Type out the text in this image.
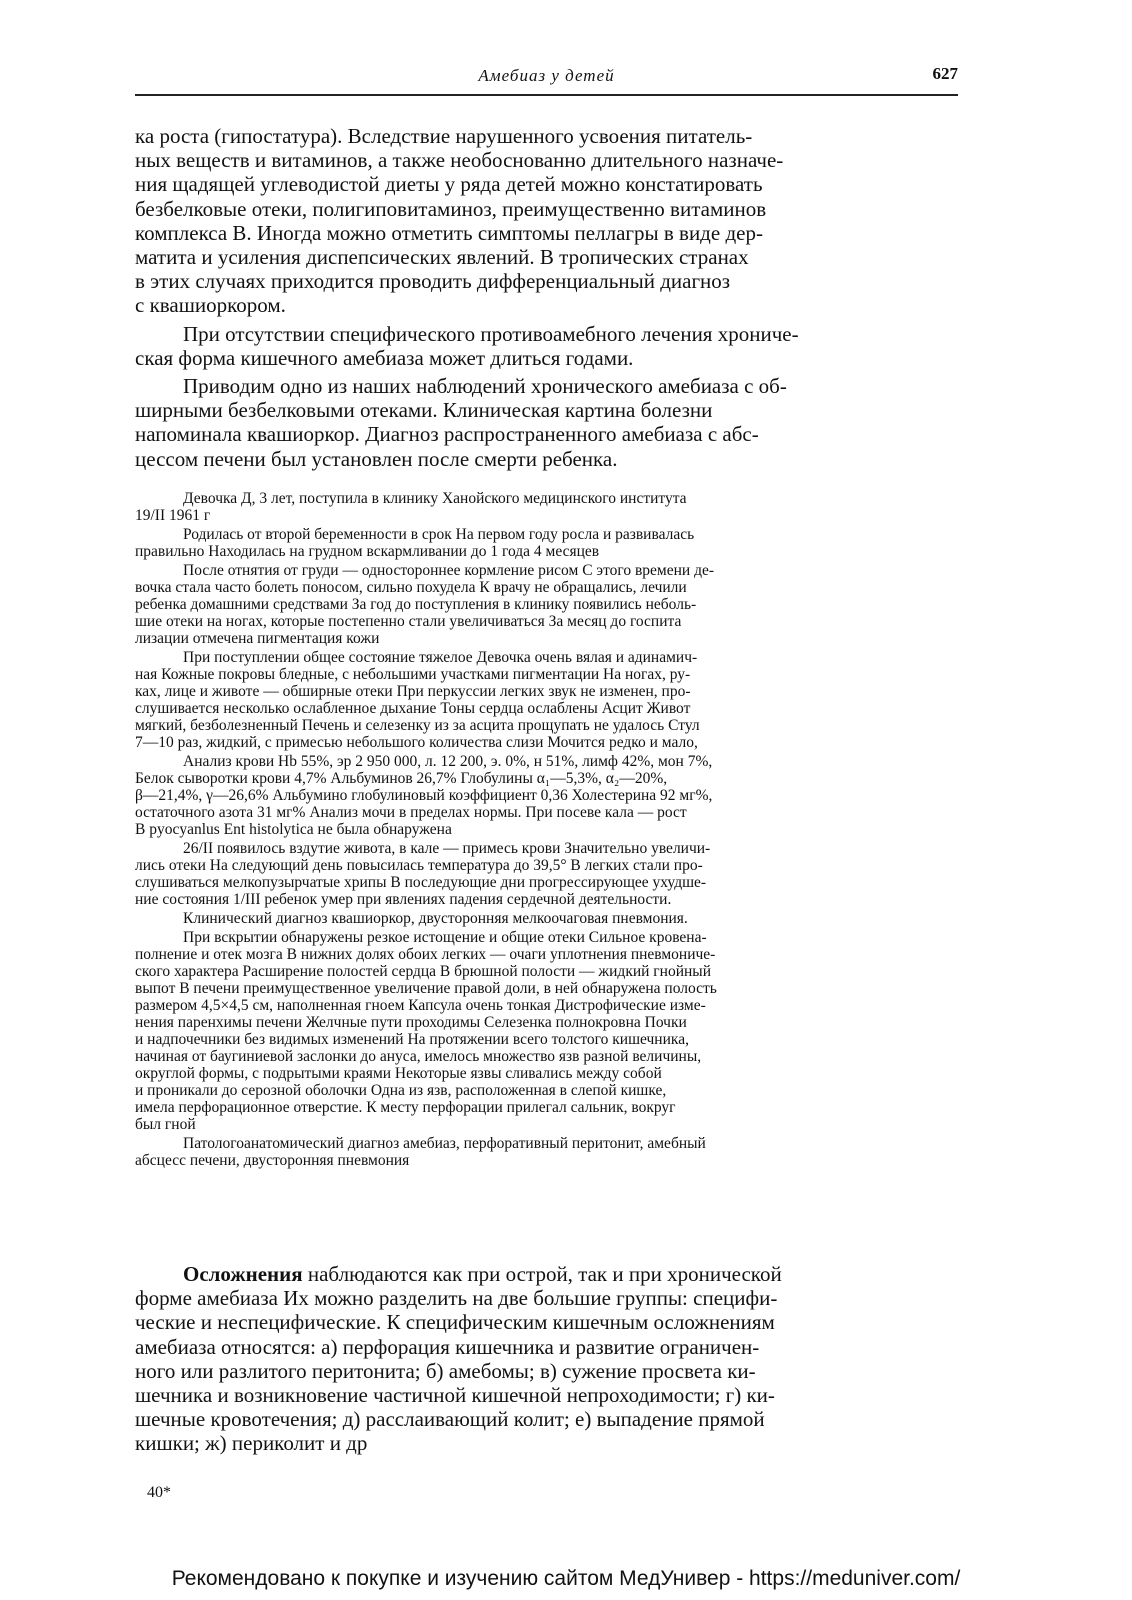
Амебиаз у детей	627

ка роста (гипостатура). Вследствие нарушенного усвоения питатель-
ных веществ и витаминов, а также необоснованно длительного назначе-
ния щадящей углеводистой диеты у ряда детей можно констатировать
безбелковые отеки, полигиповитаминоз, преимущественно витаминов
комплекса В. Иногда можно отметить симптомы пеллагры в виде дер-
матита и усиления диспепсических явлений. В тропических странах
в этих случаях приходится проводить дифференциальный диагноз
с квашиоркором.

При отсутствии специфического противоамебного лечения хрониче-
ская форма кишечного амебиаза может длиться годами.

Приводим одно из наших наблюдений хронического амебиаза с об-
ширными безбелковыми отеками. Клиническая картина болезни
напоминала квашиоркор. Диагноз распространенного амебиаза с абс-
цессом печени был установлен после смерти ребенка.

Девочка Д, 3 лет, поступила в клинику Ханойского медицинского института
19/II 1961 г

Родилась от второй беременности в срок На первом году росла и развивалась
правильно Находилась на грудном вскармливании до 1 года 4 месяцев

После отнятия от груди — одностороннее кормление рисом С этого времени де-
вочка стала часто болеть поносом, сильно похудела К врачу не обращались, лечили
ребенка домашними средствами За год до поступления в клинику появились неболь-
шие отеки на ногах, которые постепенно стали увеличиваться За месяц до госпита
лизации отмечена пигментация кожи

При поступлении общее состояние тяжелое Девочка очень вялая и адинамич-
ная Кожные покровы бледные, с небольшими участками пигментации На ногах, ру-
ках, лице и животе — обширные отеки При перкуссии легких звук не изменен, про-
слушивается несколько ослабленное дыхание Тоны сердца ослаблены Асцит Живот
мягкий, безболезненный Печень и селезенку из за асцита прощупать не удалось Стул
7—10 раз, жидкий, с примесью небольшого количества слизи Мочится редко и мало,

Анализ крови Hb 55%, эр 2 950 000, л. 12 200, э. 0%, н 51%, лимф 42%, мон 7%,
Белок сыворотки крови 4,7% Альбуминов 26,7% Глобулины α₁—5,3%, α₂—20%,
β—21,4%, γ—26,6% Альбумино глобулиновый коэффициент 0,36 Холестерина 92 мг%,
остаточного азота 31 мг% Анализ мочи в пределах нормы. При посеве кала — рост
B pyocyanlus Ent histolytica не была обнаружена

26/II появилось вздутие живота, в кале — примесь крови Значительно увеличи-
лись отеки На следующий день повысилась температура до 39,5° В легких стали про-
слушиваться мелкопузырчатые хрипы В последующие дни прогрессирующее ухудше-
ние состояния 1/III ребенок умер при явлениях падения сердечной деятельности.

Клинический диагноз квашиоркор, двусторонняя мелкоочаговая пневмония.

При вскрытии обнаружены резкое истощение и общие отеки Сильное кровена-
полнение и отек мозга В нижних долях обоих легких — очаги уплотнения пневмониче-
ского характера Расширение полостей сердца В брюшной полости — жидкий гнойный
выпот В печени преимущественное увеличение правой доли, в ней обнаружена полость
размером 4,5×4,5 см, наполненная гноем Капсула очень тонкая Дистрофические изме-
нения паренхимы печени Желчные пути проходимы Селезенка полнокровна Почки
и надпочечники без видимых изменений На протяжении всего толстого кишечника,
начиная от баугиниевой заслонки до ануса, имелось множество язв разной величины,
округлой формы, с подрытыми краями Некоторые язвы сливались между собой
и проникали до серозной оболочки Одна из язв, расположенная в слепой кишке,
имела перфорационное отверстие. К месту перфорации прилегал сальник, вокруг
был гной

Патологоанатомический диагноз амебиаз, перфоративный перитонит, амебный
абсцесс печени, двусторонняя пневмония

Осложнения наблюдаются как при острой, так и при хронической
форме амебиаза Их можно разделить на две большие группы: специфи-
ческие и неспецифические. К специфическим кишечным осложнениям
амебиаза относятся: а) перфорация кишечника и развитие ограничен-
ного или разлитого перитонита; б) амебомы; в) сужение просвета ки-
шечника и возникновение частичной кишечной непроходимости; г) ки-
шечные кровотечения; д) расслаивающий колит; е) выпадение прямой
кишки; ж) периколит и др

40*
Рекомендовано к покупке и изучению сайтом МедУнивер - https://meduniver.com/
